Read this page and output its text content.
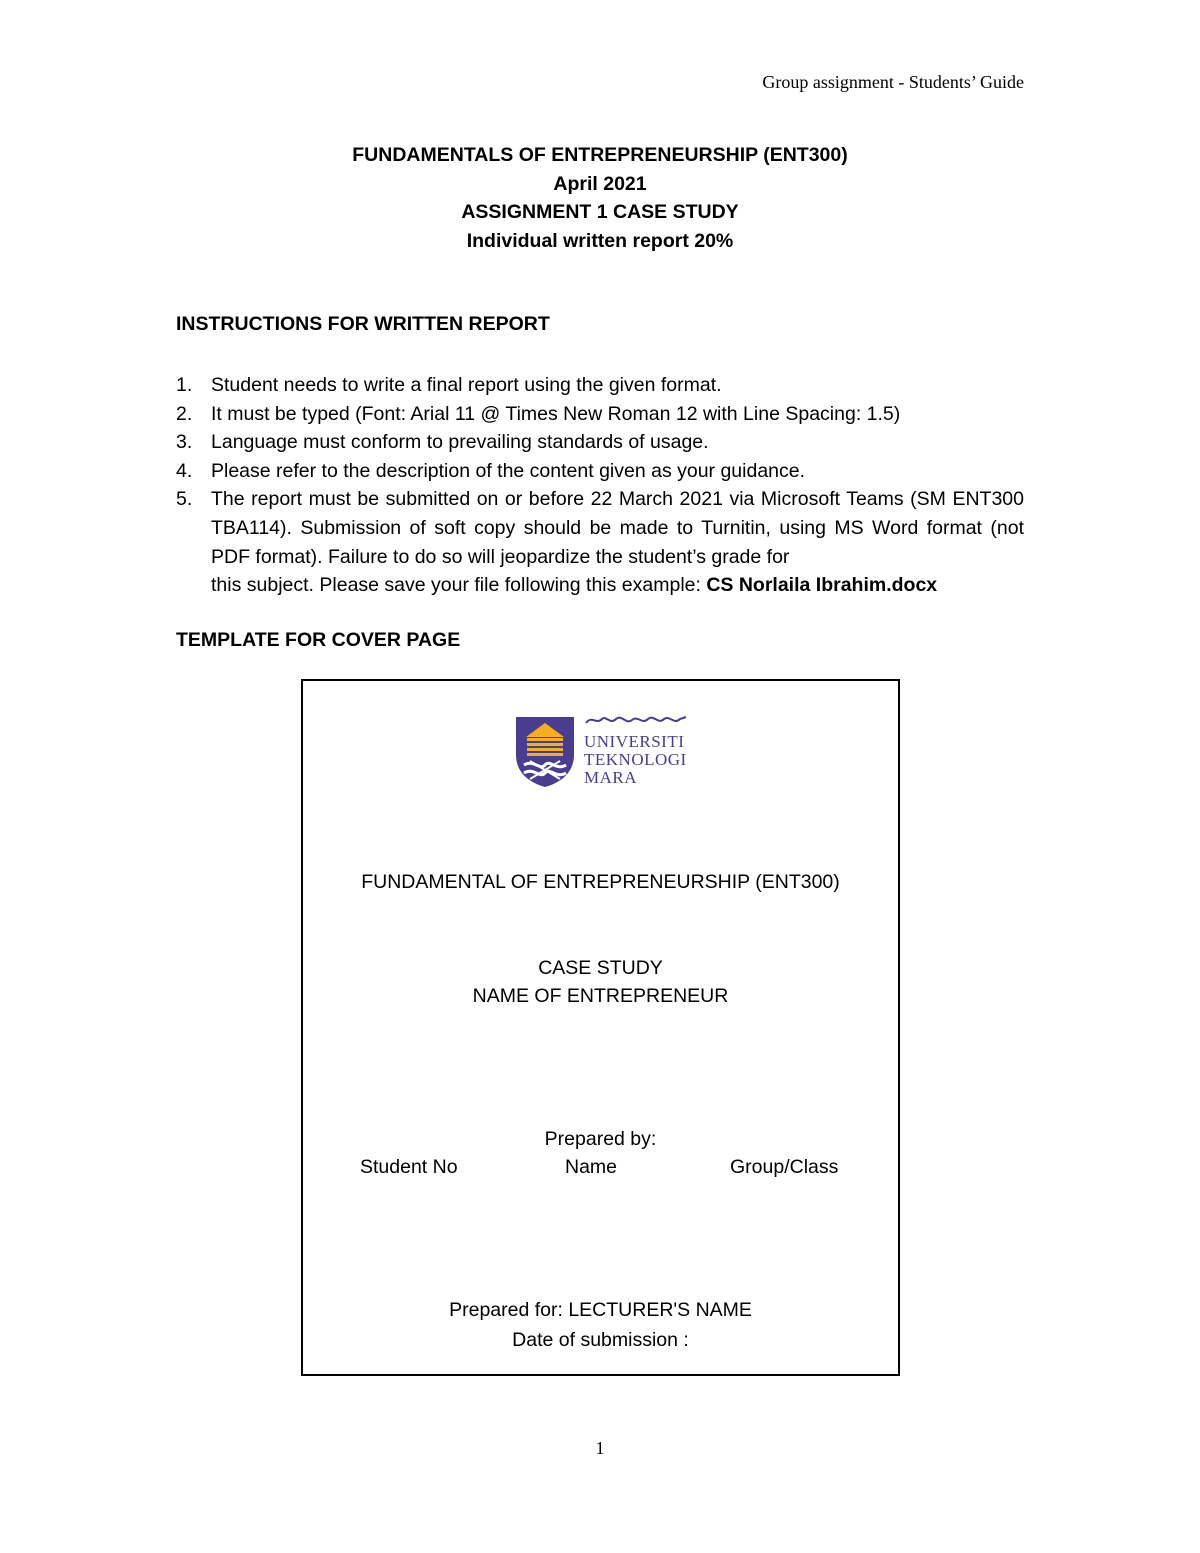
Group assignment - Students’ Guide
FUNDAMENTALS OF ENTREPRENEURSHIP (ENT300)
April 2021
ASSIGNMENT 1 CASE STUDY
Individual written report 20%
INSTRUCTIONS FOR WRITTEN REPORT
1. Student needs to write a final report using the given format.
2. It must be typed (Font: Arial 11 @ Times New Roman 12 with Line Spacing: 1.5)
3. Language must conform to prevailing standards of usage.
4. Please refer to the description of the content given as your guidance.
5. The report must be submitted on or before 22 March 2021 via Microsoft Teams (SM ENT300 TBA114). Submission of soft copy should be made to Turnitin, using MS Word format (not PDF format). Failure to do so will jeopardize the student’s grade for
this subject. Please save your file following this example: CS Norlaila Ibrahim.docx
TEMPLATE FOR COVER PAGE
UNIVERSITI
TEKNOLOGI
MARA
FUNDAMENTAL OF ENTREPRENEURSHIP (ENT300)
CASE STUDY
NAME OF ENTREPRENEUR
Prepared by:
Student No	Name	Group/Class
Prepared for: LECTURER'S NAME
Date of submission :
1
